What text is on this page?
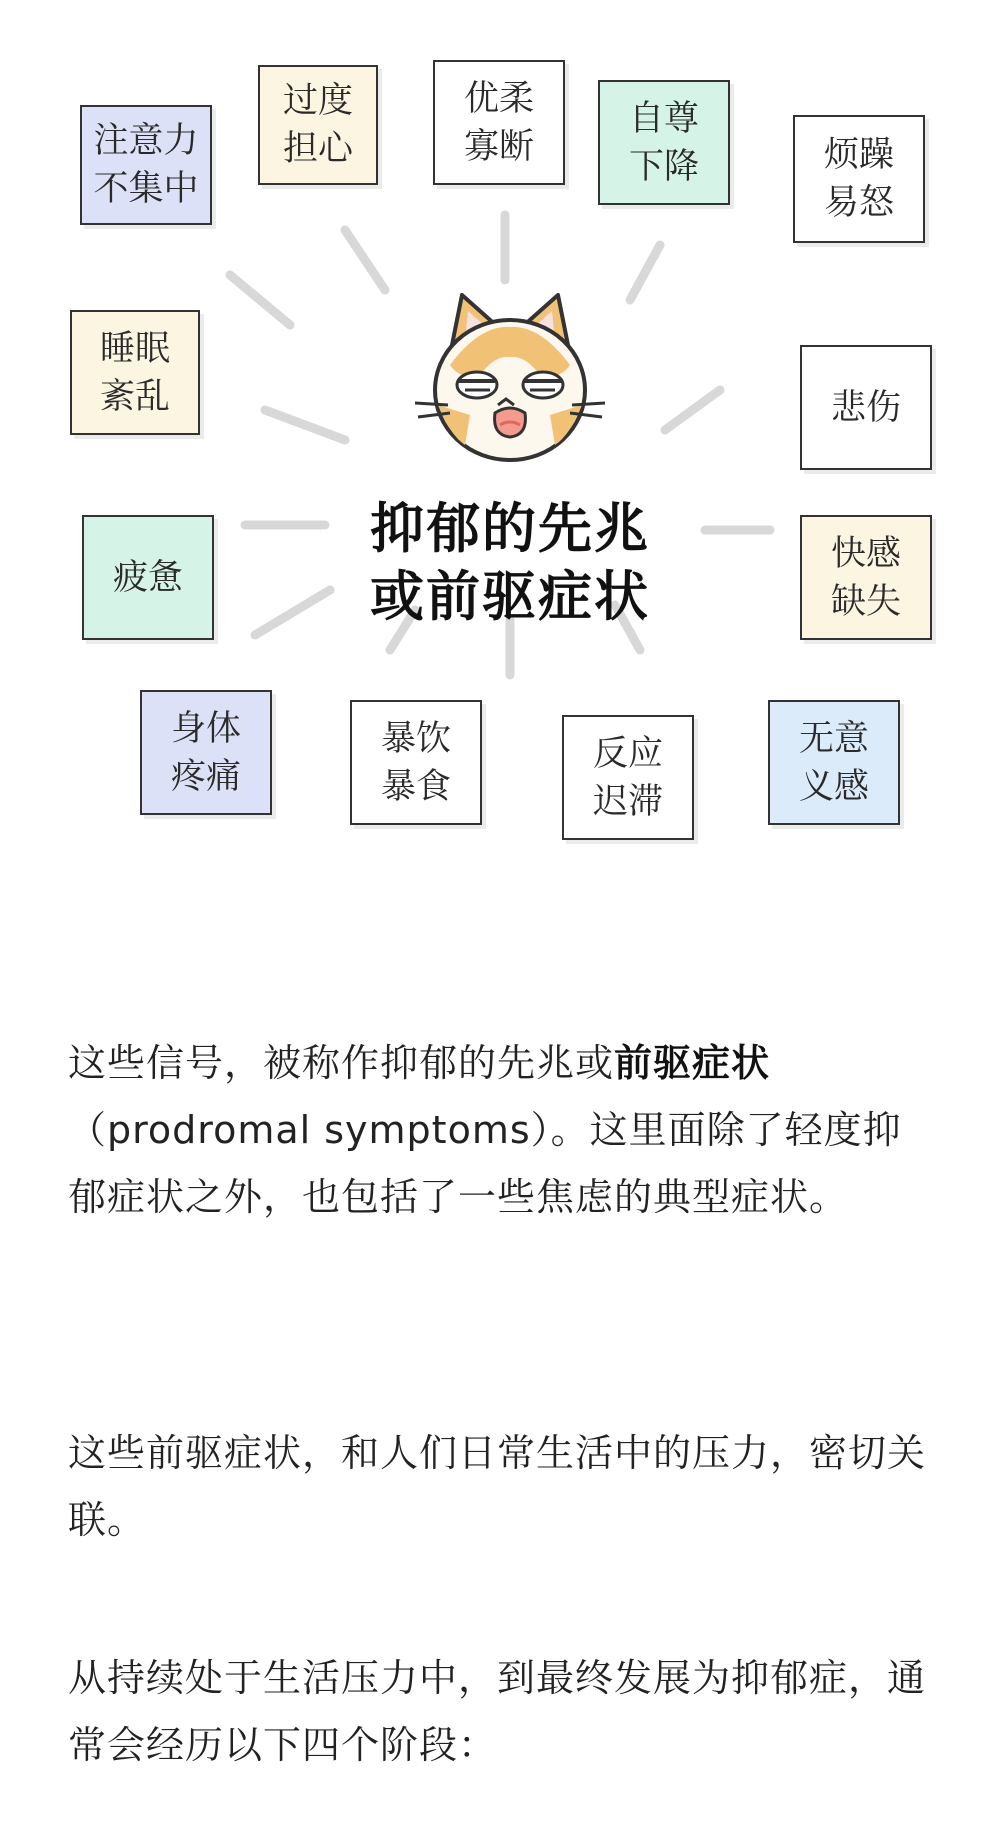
抑郁的先兆
或前驱症状
注意力
不集中
过度
担心
优柔
寡断
自尊
下降	烦躁
易怒
睡眠
紊乱	悲伤
疲惫
快感
缺失
身体
疼痛
暴饮
暴食
反应
迟滞
无意
义感

这些信号，被称作抑郁的先兆或前驱症状（prodromal symptoms）。这里面除了轻度抑郁症状之外，也包括了一些焦虑的典型症状。

这些前驱症状，和人们日常生活中的压力，密切关联。

从持续处于生活压力中，到最终发展为抑郁症，通常会经历以下四个阶段：
